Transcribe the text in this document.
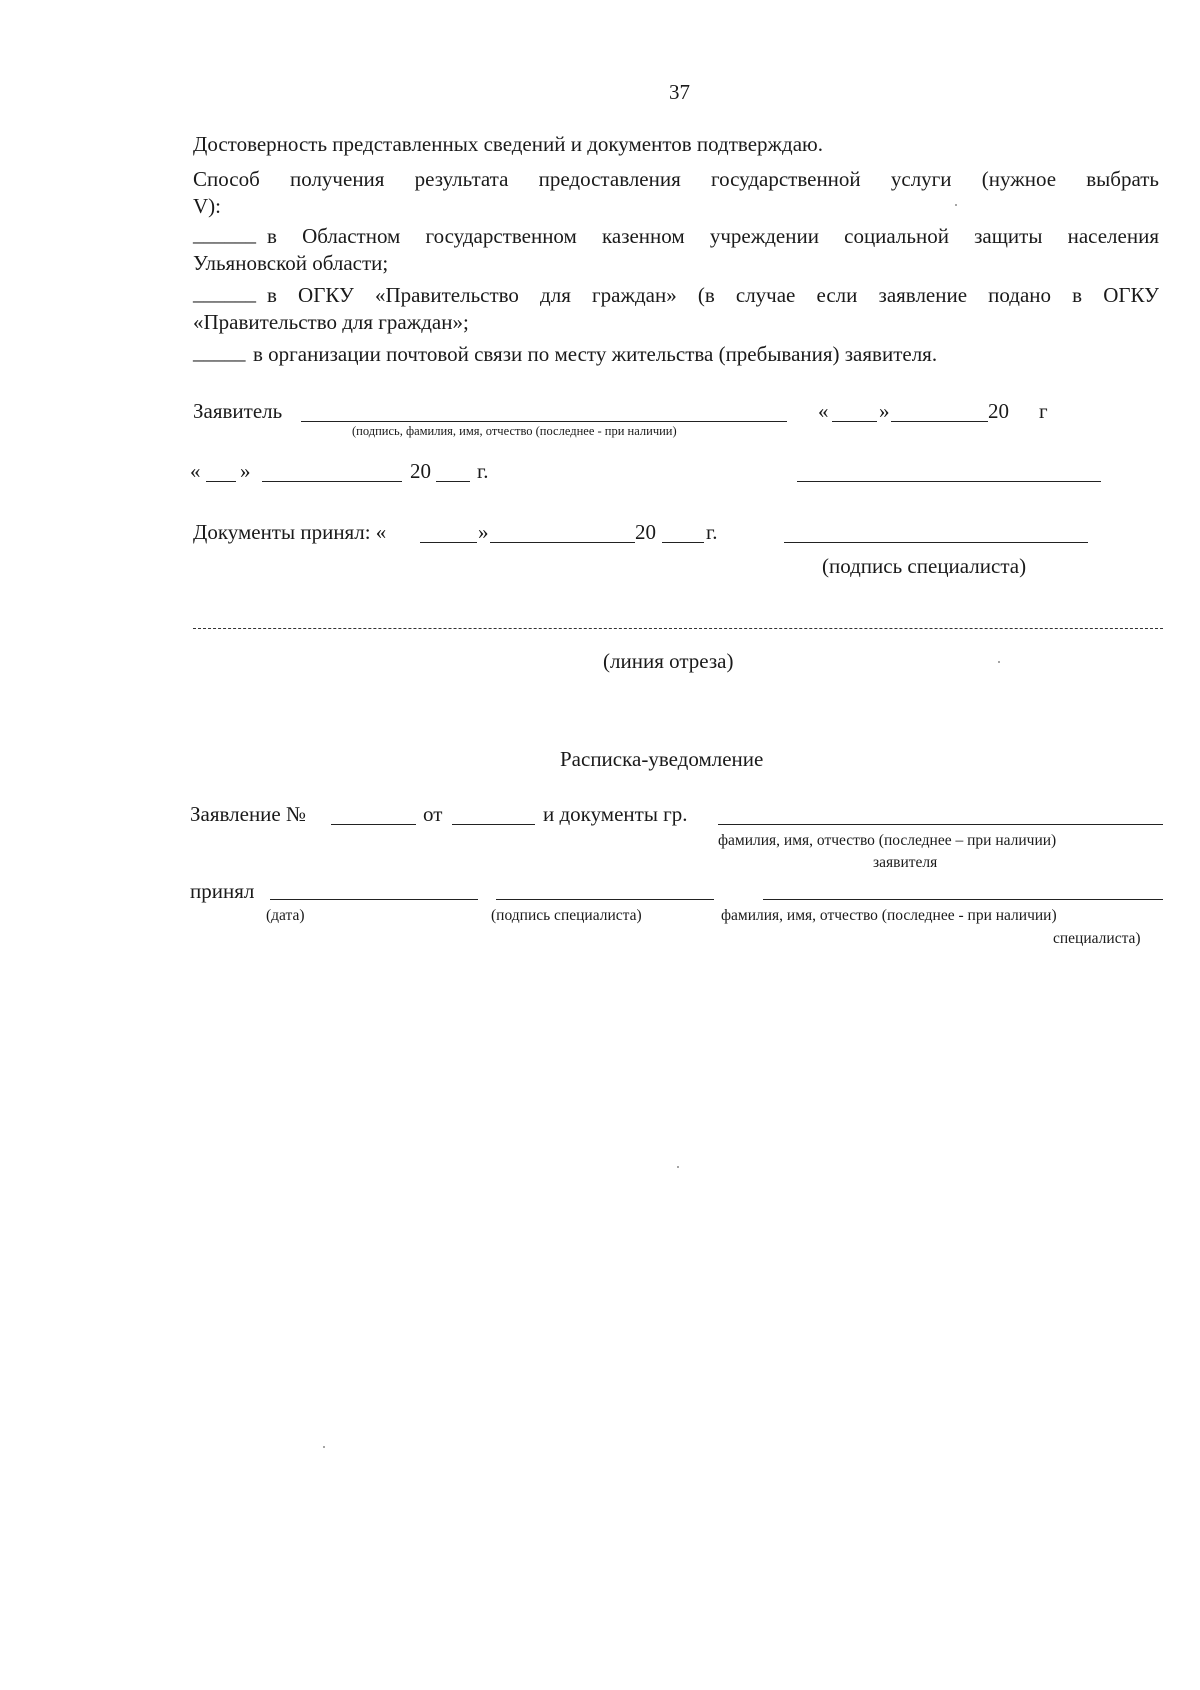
37
Достоверность представленных сведений и документов подтверждаю.
Способ получения результата предоставления государственной услуги (нужное выбрать
V):
______ в Областном государственном казенном учреждении социальной защиты населения
Ульяновской области;
______ в ОГКУ «Правительство для граждан» (в случае если заявление подано в ОГКУ
«Правительство для граждан»;
_____ в организации почтовой связи по месту жительства (пребывания) заявителя.
Заявитель
(подпись, фамилия, имя, отчество (последнее - при наличии)
« »	20 г
« »	20 г.
Документы принял: «	»	20 г.
(подпись специалиста)
(линия отреза)
Расписка-уведомление
Заявление №	от	и документы гр.
фамилия, имя, отчество (последнее – при наличии)
заявителя
принял
(дата)	(подпись специалиста)	фамилия, имя, отчество (последнее - при наличии)
специалиста)
